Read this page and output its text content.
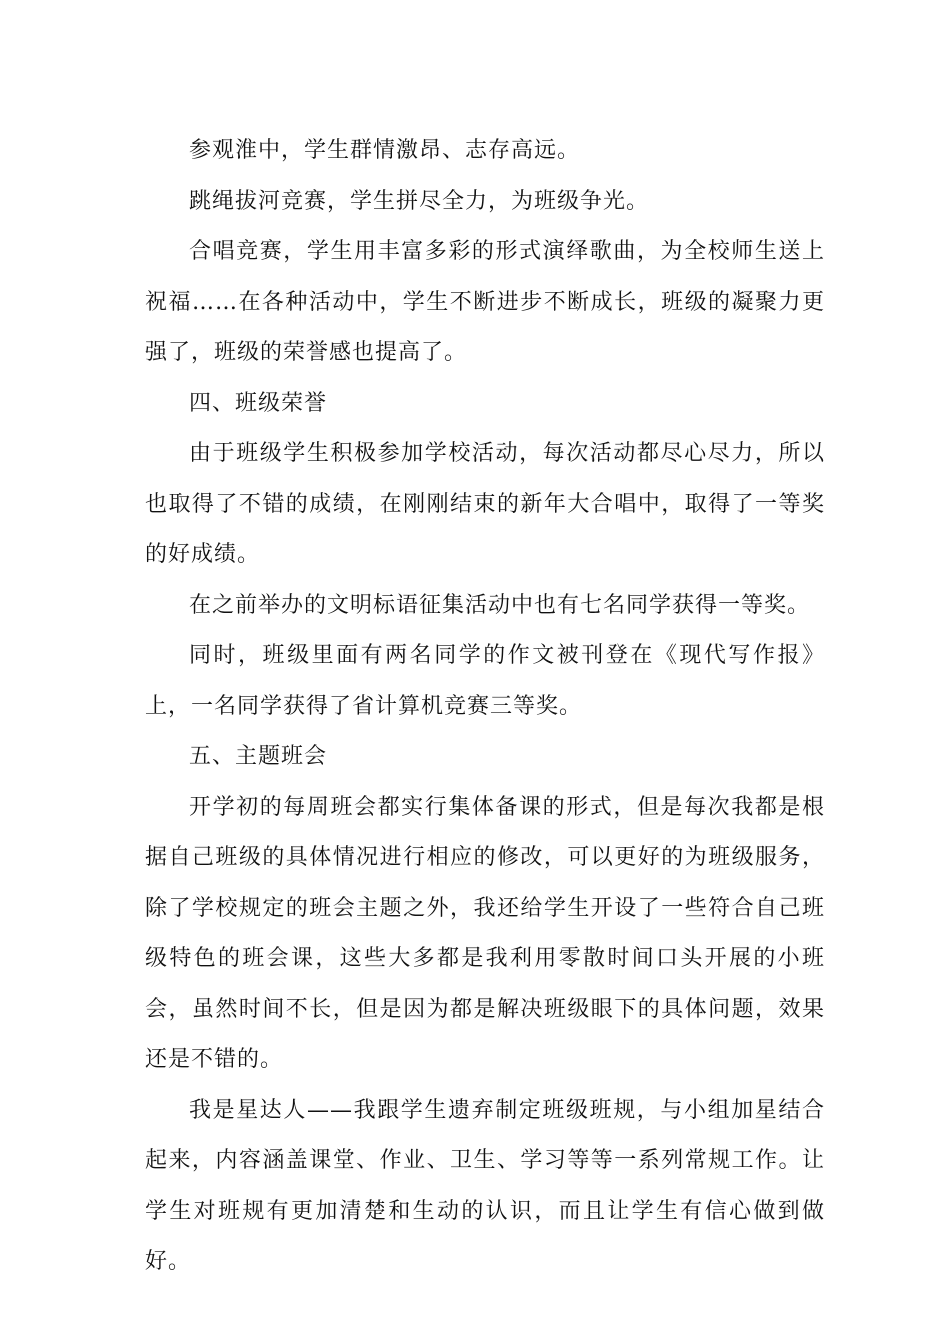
参观淮中，学生群情激昂、志存高远。

跳绳拔河竞赛，学生拼尽全力，为班级争光。

合唱竞赛，学生用丰富多彩的形式演绎歌曲，为全校师生送上祝福……在各种活动中，学生不断进步不断成长，班级的凝聚力更强了，班级的荣誉感也提高了。

四、班级荣誉

由于班级学生积极参加学校活动，每次活动都尽心尽力，所以也取得了不错的成绩，在刚刚结束的新年大合唱中，取得了一等奖的好成绩。

在之前举办的文明标语征集活动中也有七名同学获得一等奖。

同时，班级里面有两名同学的作文被刊登在《现代写作报》上，一名同学获得了省计算机竞赛三等奖。

五、主题班会

开学初的每周班会都实行集体备课的形式，但是每次我都是根据自己班级的具体情况进行相应的修改，可以更好的为班级服务，除了学校规定的班会主题之外，我还给学生开设了一些符合自己班级特色的班会课，这些大多都是我利用零散时间口头开展的小班会，虽然时间不长，但是因为都是解决班级眼下的具体问题，效果还是不错的。

我是星达人——我跟学生遗弃制定班级班规，与小组加星结合起来，内容涵盖课堂、作业、卫生、学习等等一系列常规工作。让学生对班规有更加清楚和生动的认识，而且让学生有信心做到做好。
